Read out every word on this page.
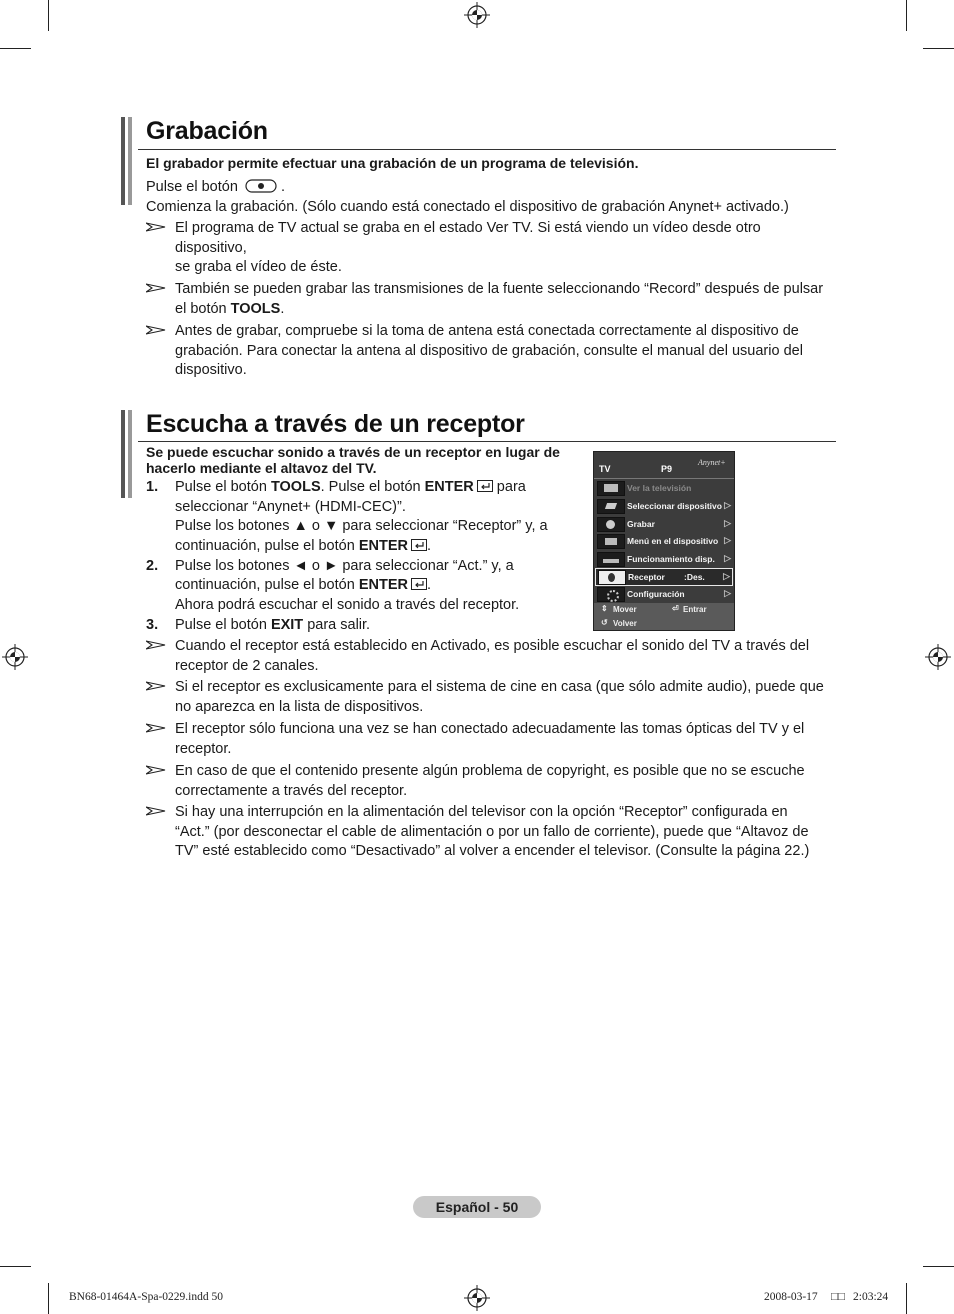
Grabación
El grabador permite efectuar una grabación de un programa de televisión.
Pulse el botón	.
Comienza la grabación. (Sólo cuando está conectado el dispositivo de grabación Anynet+ activado.)
El programa de TV actual se graba en el estado Ver TV. Si está viendo un vídeo desde otro
dispositivo,
se graba el vídeo de éste.
También se pueden grabar las transmisiones de la fuente seleccionando “Record” después de pulsar
el botón TOOLS.
Antes de grabar, compruebe si la toma de antena está conectada correctamente al dispositivo de
grabación. Para conectar la antena al dispositivo de grabación, consulte el manual del usuario del
dispositivo.
Escucha a través de un receptor
Se puede escuchar sonido a través de un receptor en lugar de
hacerlo mediante el altavoz del TV.
1. Pulse el botón TOOLS. Pulse el botón ENTER para
seleccionar “Anynet+ (HDMI-CEC)”.
Pulse los botones ▲ o ▼ para seleccionar “Receptor” y, a
continuación, pulse el botón ENTER .
2. Pulse los botones ◄ o ► para seleccionar “Act.” y, a
continuación, pulse el botón ENTER .
Ahora podrá escuchar el sonido a través del receptor.
3. Pulse el botón EXIT para salir.
TV	P9
Anynet+
Ver la televisión
Seleccionar dispositivo ▷
Grabar	▷
Menú en el dispositivo ▷
Funcionamiento disp. ▷
Receptor :Des. ▷
Configuración	▷
⇕ Mover	⏎ Entrar
↺ Volver
Cuando el receptor está establecido en Activado, es posible escuchar el sonido del TV a través del
receptor de 2 canales.
Si el receptor es exclusicamente para el sistema de cine en casa (que sólo admite audio), puede que
no aparezca en la lista de dispositivos.
El receptor sólo funciona una vez se han conectado adecuadamente las tomas ópticas del TV y el
receptor.
En caso de que el contenido presente algún problema de copyright, es posible que no se escuche
correctamente a través del receptor.
Si hay una interrupción en la alimentación del televisor con la opción “Receptor” configurada en
“Act.” (por desconectar el cable de alimentación o por un fallo de corriente), puede que “Altavoz de
TV” esté establecido como “Desactivado” al volver a encender el televisor. (Consulte la página 22.)
Español - 50
BN68-01464A-Spa-0229.indd 50	2008-03-17 □□ 2:03:24
